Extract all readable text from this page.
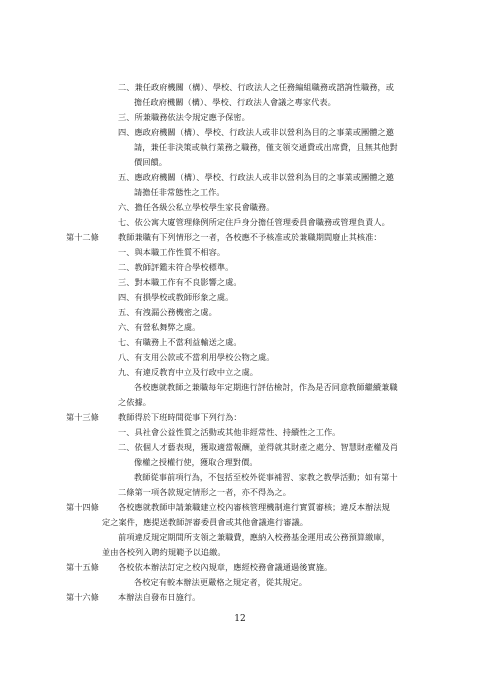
二、兼任政府機關（構）、學校、行政法人之任務編組職務或諮詢性職務，或
擔任政府機關（構）、學校、行政法人會議之專家代表。
三、所兼職務依法令規定應予保密。
四、應政府機關（構）、學校、行政法人或非以營利為目的之事業或團體之邀
請，兼任非決策或執行業務之職務，僅支領交通費或出席費，且無其他對
價回饋。
五、應政府機關（構）、學校、行政法人或非以營利為目的之事業或團體之邀
請擔任非常態性之工作。
六、擔任各級公私立學校學生家長會職務。
七、依公寓大廈管理條例所定住戶身分擔任管理委員會職務或管理負責人。
第十二條 教師兼職有下列情形之一者，各校應不予核准或於兼職期間廢止其核准：
一、與本職工作性質不相容。
二、教師評鑑未符合學校標準。
三、對本職工作有不良影響之虞。
四、有損學校或教師形象之虞。
五、有洩漏公務機密之虞。
六、有營私舞弊之虞。
七、有職務上不當利益輸送之虞。
八、有支用公款或不當利用學校公物之虞。
九、有違反教育中立及行政中立之虞。
各校應就教師之兼職每年定期進行評估檢討，作為是否同意教師繼續兼職
之依據。
第十三條 教師得於下班時間從事下列行為：
一、具社會公益性質之活動或其他非經常性、持續性之工作。
二、依個人才藝表現，獲取適當報酬，並得就其財產之處分、智慧財產權及肖
像權之授權行使，獲取合理對價。
教師從事前項行為，不包括至校外從事補習、家教之教學活動；如有第十
二條第一項各款規定情形之一者，亦不得為之。
第十四條 各校應就教師申請兼職建立校內審核管理機制進行實質審核；違反本辦法規
定之案件，應提送教師評審委員會或其他會議進行審議。
前項違反規定期間所支領之兼職費，應納入校務基金運用或公務預算繳庫，
並由各校列入聘約規範予以追繳。
第十五條 各校依本辦法訂定之校內規章，應經校務會議通過後實施。
各校定有較本辦法更嚴格之規定者，從其規定。
第十六條 本辦法自發布日施行。
12
